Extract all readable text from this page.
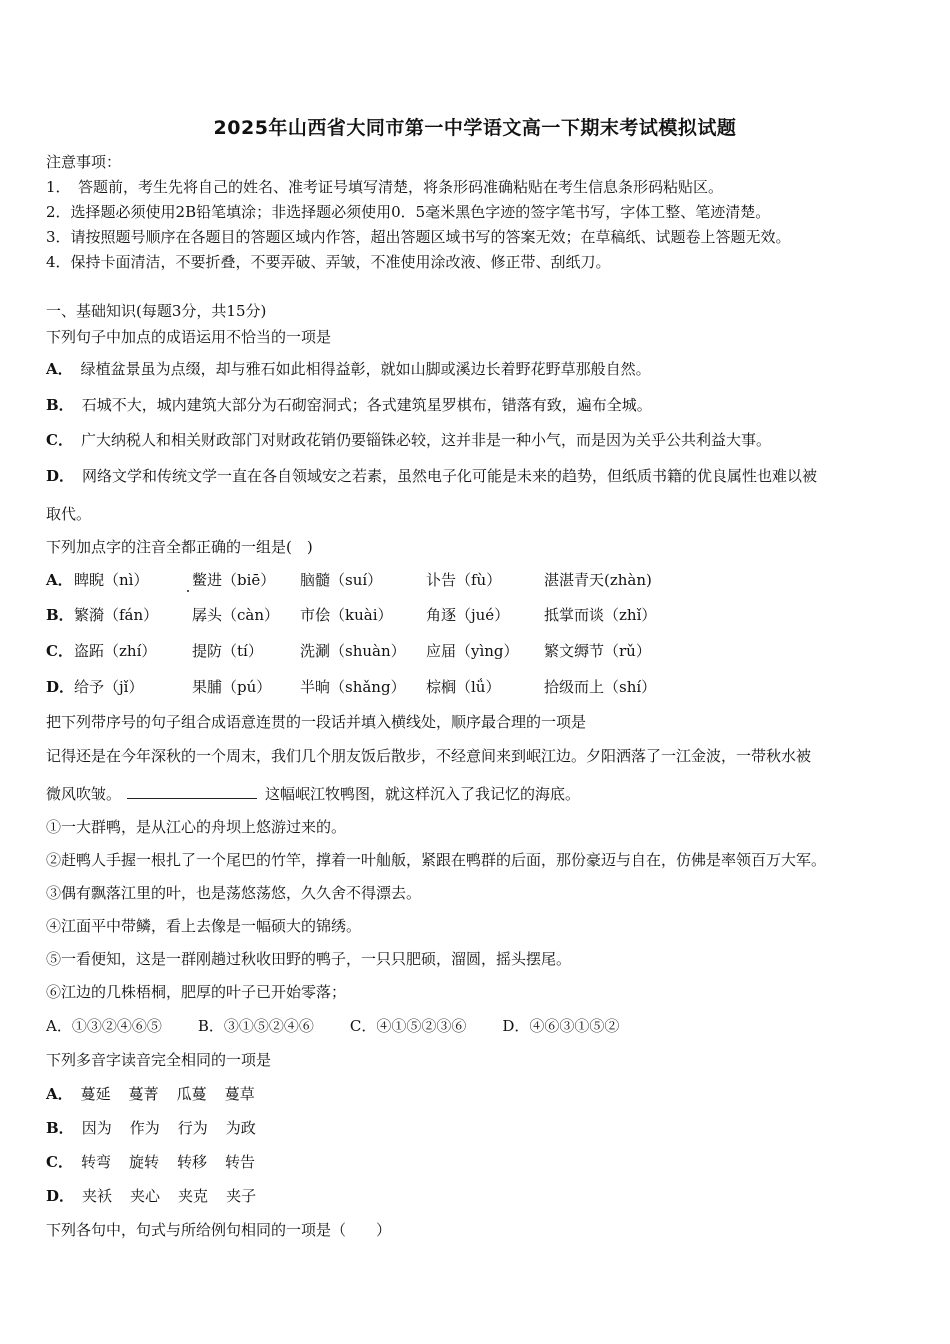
2025年山西省大同市第一中学语文高一下期末考试模拟试题
注意事项：
1．　答题前，考生先将自己的姓名、准考证号填写清楚，将条形码准确粘贴在考生信息条形码粘贴区。
2．选择题必须使用2B铅笔填涂；非选择题必须使用0．5毫米黑色字迹的签字笔书写，字体工整、笔迹清楚。
3．请按照题号顺序在各题目的答题区域内作答，超出答题区域书写的答案无效；在草稿纸、试题卷上答题无效。
4．保持卡面清洁，不要折叠，不要弄破、弄皱，不准使用涂改液、修正带、刮纸刀。
一、基础知识(每题3分，共15分)
下列句子中加点的成语运用不恰当的一项是
A． 绿植盆景虽为点缀，却与雅石如此相得益彰，就如山脚或溪边长着野花野草那般自然。
B． 石城不大，城内建筑大部分为石砌窑洞式；各式建筑星罗棋布，错落有致，遍布全城。
C． 广大纳税人和相关财政部门对财政花销仍要锱铢必较，这并非是一种小气，而是因为关乎公共利益大事。
D． 网络文学和传统文学一直在各自领域安之若素，虽然电子化可能是未来的趋势，但纸质书籍的优良属性也难以被
取代。
下列加点字的注音全都正确的一组是(　)
A． 睥睨（nì）	鳖进（biē） 脑髓（suí）	讣告（fù）	湛湛青天(zhàn)
B． 繁漪（fán） 孱头（càn） 市侩（kuài） 角逐（jué） 抵掌而谈（zhǐ）
C． 盗跖（zhí） 提防（tí） 洗涮（shuàn） 应届（yìng） 繁文缛节（rǔ）
D． 给予（jǐ）	果脯（pú） 半晌（shǎng） 棕榈（lǘ）	拾级而上（shí）
把下列带序号的句子组合成语意连贯的一段话并填入横线处，顺序最合理的一项是
记得还是在今年深秋的一个周末，我们几个朋友饭后散步，不经意间来到岷江边。夕阳洒落了一江金波，一带秋水被
微风吹皱。	这幅岷江牧鸭图，就这样沉入了我记忆的海底。
①一大群鸭，是从江心的舟坝上悠游过来的。
②赶鸭人手握一根扎了一个尾巴的竹竿，撑着一叶舢舨，紧跟在鸭群的后面，那份豪迈与自在，仿佛是率领百万大军。
③偶有飘落江里的叶，也是荡悠荡悠，久久舍不得漂去。
④江面平中带鳞，看上去像是一幅硕大的锦绣。
⑤一看便知，这是一群刚趟过秋收田野的鸭子，一只只肥硕，溜圆，摇头摆尾。
⑥江边的几株梧桐，肥厚的叶子已开始零落；
A．①③②④⑥⑤ B．③①⑤②④⑥ C．④①⑤②③⑥ D．④⑥③①⑤②
下列多音字读音完全相同的一项是
A． 蔓延 蔓菁 瓜蔓 蔓草
B． 因为 作为 行为 为政
C． 转弯 旋转 转移 转告
D． 夹袄 夹心 夹克 夹子
下列各句中，句式与所给例句相同的一项是（　　）
